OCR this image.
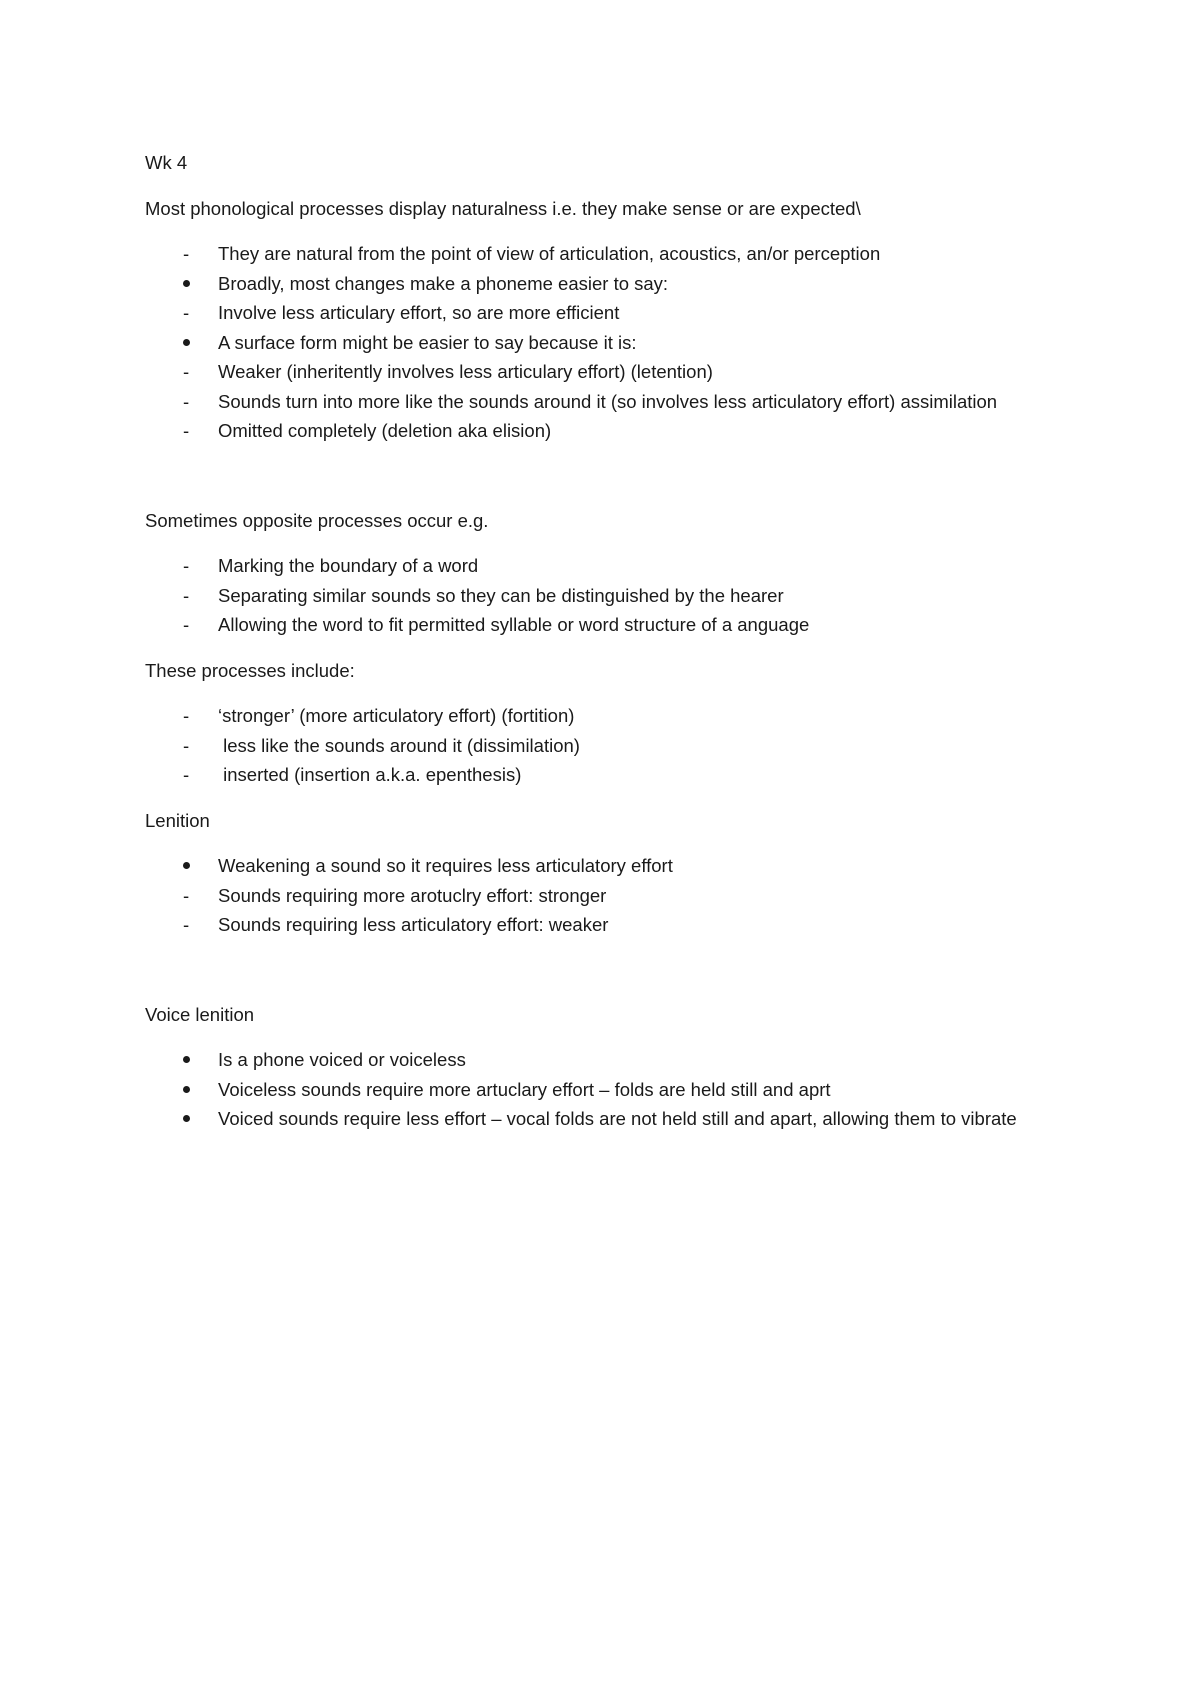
Wk 4

Most phonological processes display naturalness i.e. they make sense or are expected\

They are natural from the point of view of articulation, acoustics, an/or perception
Broadly, most changes make a phoneme easier to say:
Involve less articulary effort, so are more efficient
A surface form might be easier to say because it is:
Weaker (inheritently involves less articulary effort) (letention)
Sounds turn into more like the sounds around it (so involves less articulatory effort) assimilation
Omitted completely (deletion aka elision)

Sometimes opposite processes occur e.g.

Marking the boundary of a word
Separating similar sounds so they can be distinguished by the hearer
Allowing the word to fit permitted syllable or word structure of a anguage

These processes include:

‘stronger’ (more articulatory effort) (fortition)
less like the sounds around it (dissimilation)
inserted (insertion a.k.a. epenthesis)

Lenition

Weakening a sound so it requires less articulatory effort
Sounds requiring more arotuclry effort: stronger
Sounds requiring less articulatory effort: weaker

Voice lenition

Is a phone voiced or voiceless
Voiceless sounds require more artuclary effort – folds are held still and aprt
Voiced sounds require less effort – vocal folds are not held still and apart, allowing them to vibrate
